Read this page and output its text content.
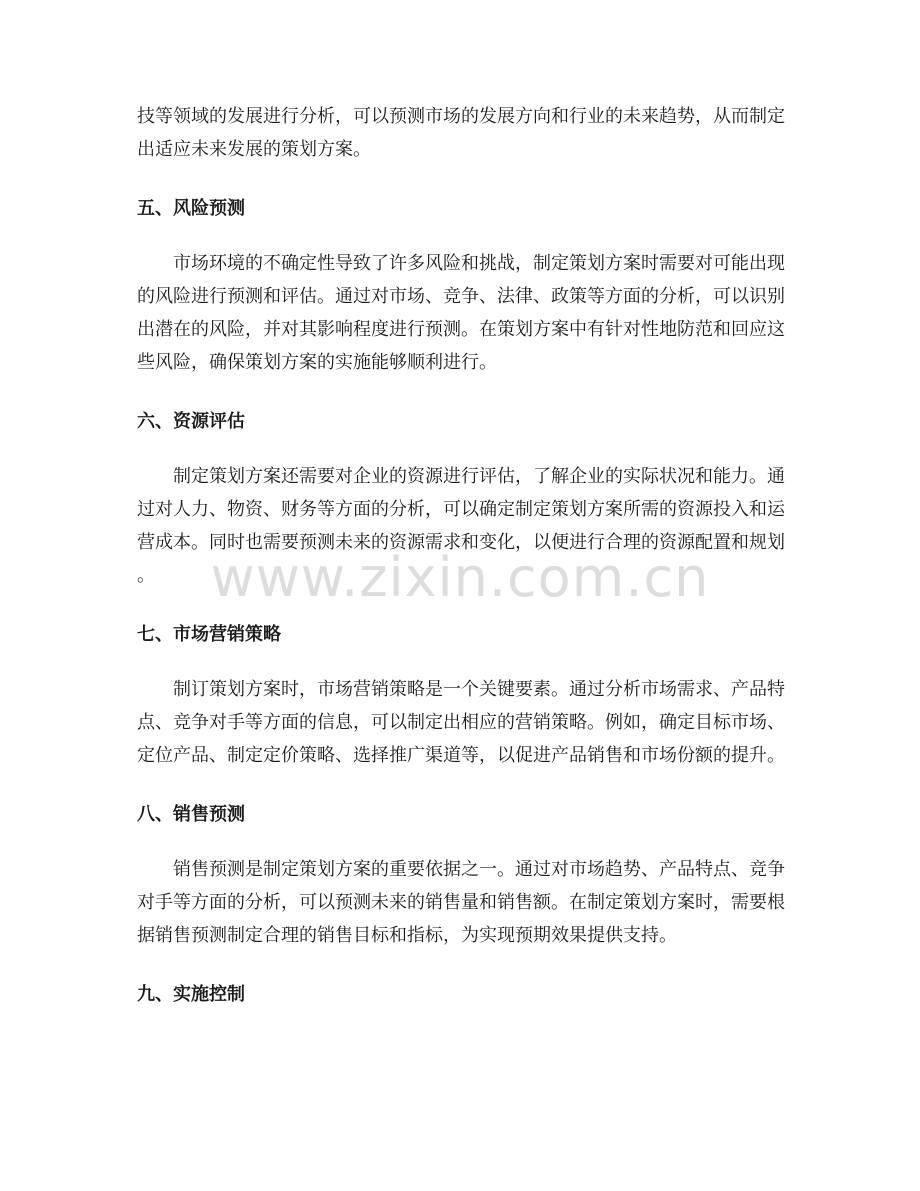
技等领域的发展进行分析，可以预测市场的发展方向和行业的未来趋势，从而制定
出适应未来发展的策划方案。

五、风险预测

　　市场环境的不确定性导致了许多风险和挑战，制定策划方案时需要对可能出现
的风险进行预测和评估。通过对市场、竞争、法律、政策等方面的分析，可以识别
出潜在的风险，并对其影响程度进行预测。在策划方案中有针对性地防范和回应这
些风险，确保策划方案的实施能够顺利进行。

六、资源评估

　　制定策划方案还需要对企业的资源进行评估，了解企业的实际状况和能力。通
过对人力、物资、财务等方面的分析，可以确定制定策划方案所需的资源投入和运
营成本。同时也需要预测未来的资源需求和变化，以便进行合理的资源配置和规划
。

七、市场营销策略

　　制订策划方案时，市场营销策略是一个关键要素。通过分析市场需求、产品特
点、竞争对手等方面的信息，可以制定出相应的营销策略。例如，确定目标市场、
定位产品、制定定价策略、选择推广渠道等，以促进产品销售和市场份额的提升。

八、销售预测

　　销售预测是制定策划方案的重要依据之一。通过对市场趋势、产品特点、竞争
对手等方面的分析，可以预测未来的销售量和销售额。在制定策划方案时，需要根
据销售预测制定合理的销售目标和指标，为实现预期效果提供支持。

九、实施控制
www.zixin.com.cn
